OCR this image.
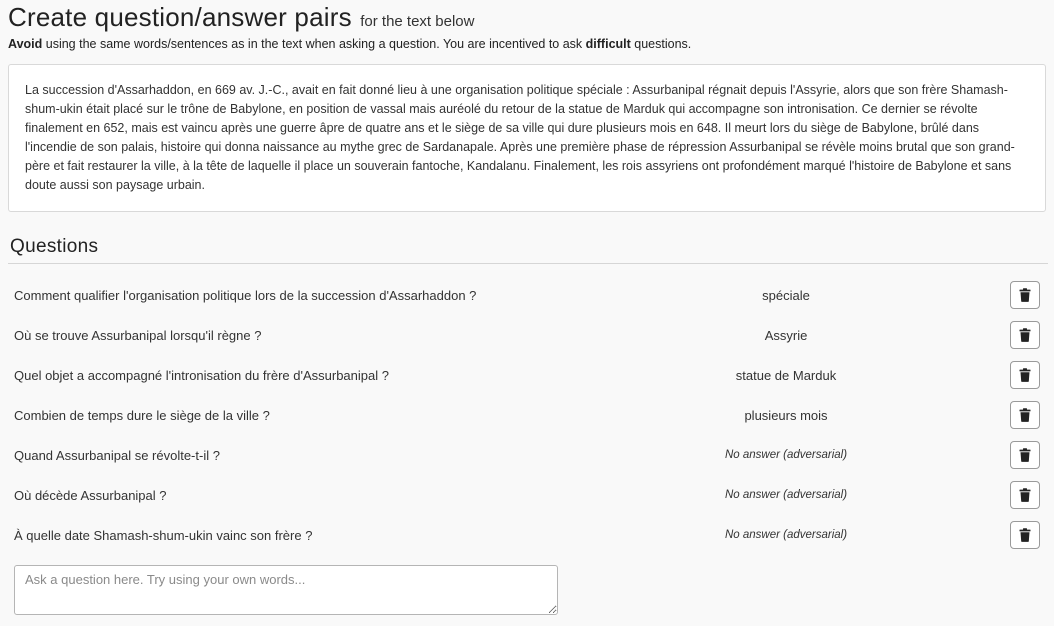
Create question/answer pairs for the text below
Avoid using the same words/sentences as in the text when asking a question. You are incentived to ask difficult questions.
La succession d'Assarhaddon, en 669 av. J.-C., avait en fait donné lieu à une organisation politique spéciale : Assurbanipal régnait depuis l'Assyrie, alors que son frère Shamash-shum-ukin était placé sur le trône de Babylone, en position de vassal mais auréolé du retour de la statue de Marduk qui accompagne son intronisation. Ce dernier se révolte finalement en 652, mais est vaincu après une guerre âpre de quatre ans et le siège de sa ville qui dure plusieurs mois en 648. Il meurt lors du siège de Babylone, brûlé dans l'incendie de son palais, histoire qui donna naissance au mythe grec de Sardanapale. Après une première phase de répression Assurbanipal se révèle moins brutal que son grand-père et fait restaurer la ville, à la tête de laquelle il place un souverain fantoche, Kandalanu. Finalement, les rois assyriens ont profondément marqué l'histoire de Babylone et sans doute aussi son paysage urbain.
Questions
Comment qualifier l'organisation politique lors de la succession d'Assarhaddon ?	spéciale
Où se trouve Assurbanipal lorsqu'il règne ?	Assyrie
Quel objet a accompagné l'intronisation du frère d'Assurbanipal ?	statue de Marduk
Combien de temps dure le siège de la ville ?	plusieurs mois
Quand Assurbanipal se révolte-t-il ?	No answer (adversarial)
Où décède Assurbanipal ?	No answer (adversarial)
À quelle date Shamash-shum-ukin vainc son frère ?	No answer (adversarial)
Ask a question here. Try using your own words...
